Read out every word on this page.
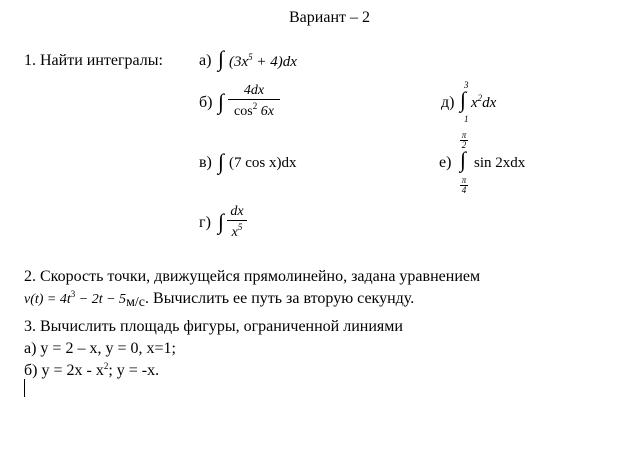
Вариант – 2
1. Найти интегралы: а) ∫ $(3x^5 + 4)dx$
б) ∫	4dx
$\cos^2 6x$
в) ∫ (7 cos x)dx
г) ∫ dx
$x^5$
д)
3
∫
1
$x^2dx$
е)
$\frac{\pi}{2}$
∫
$\frac{\pi}{4}$
sin 2xdx
2. Скорость точки, движущейся прямолинейно, задана уравнением
$v(t) = 4t^3 - 2t - 5м/с$. Вычислить ее путь за вторую секунду.
3. Вычислить площадь фигуры, ограниченной линиями
а) y = 2 – x, y = 0, x=1;
б) $y = 2x - x^2$; y = -x.
